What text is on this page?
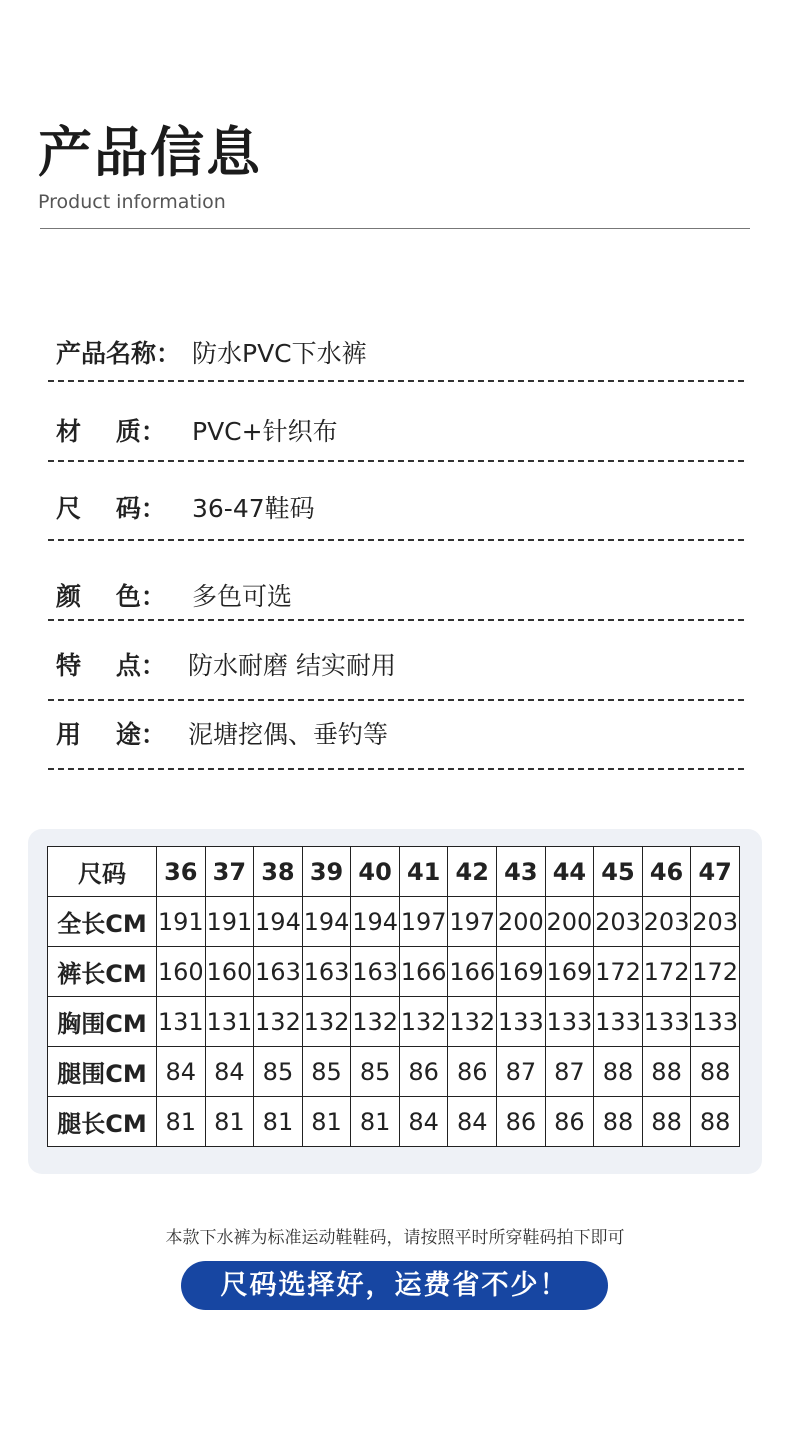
产品信息
Product information
产品名称： 防水PVC下水裤
材    质： PVC+针织布
尺    码： 36-47鞋码
颜    色： 多色可选
特    点： 防水耐磨 结实耐用
用    途： 泥塘挖偶、垂钓等
尺码	36	37	38	39	40	41	42	43	44	45	46	47
全长CM	191	191	194	194	194	197	197	200	200	203	203	203
裤长CM	160	160	163	163	163	166	166	169	169	172	172	172
胸围CM	131	131	132	132	132	132	132	133	133	133	133	133
腿围CM	84	84	85	85	85	86	86	87	87	88	88	88
腿长CM	81	81	81	81	81	84	84	86	86	88	88	88
本款下水裤为标准运动鞋鞋码，请按照平时所穿鞋码拍下即可
尺码选择好，运费省不少！
